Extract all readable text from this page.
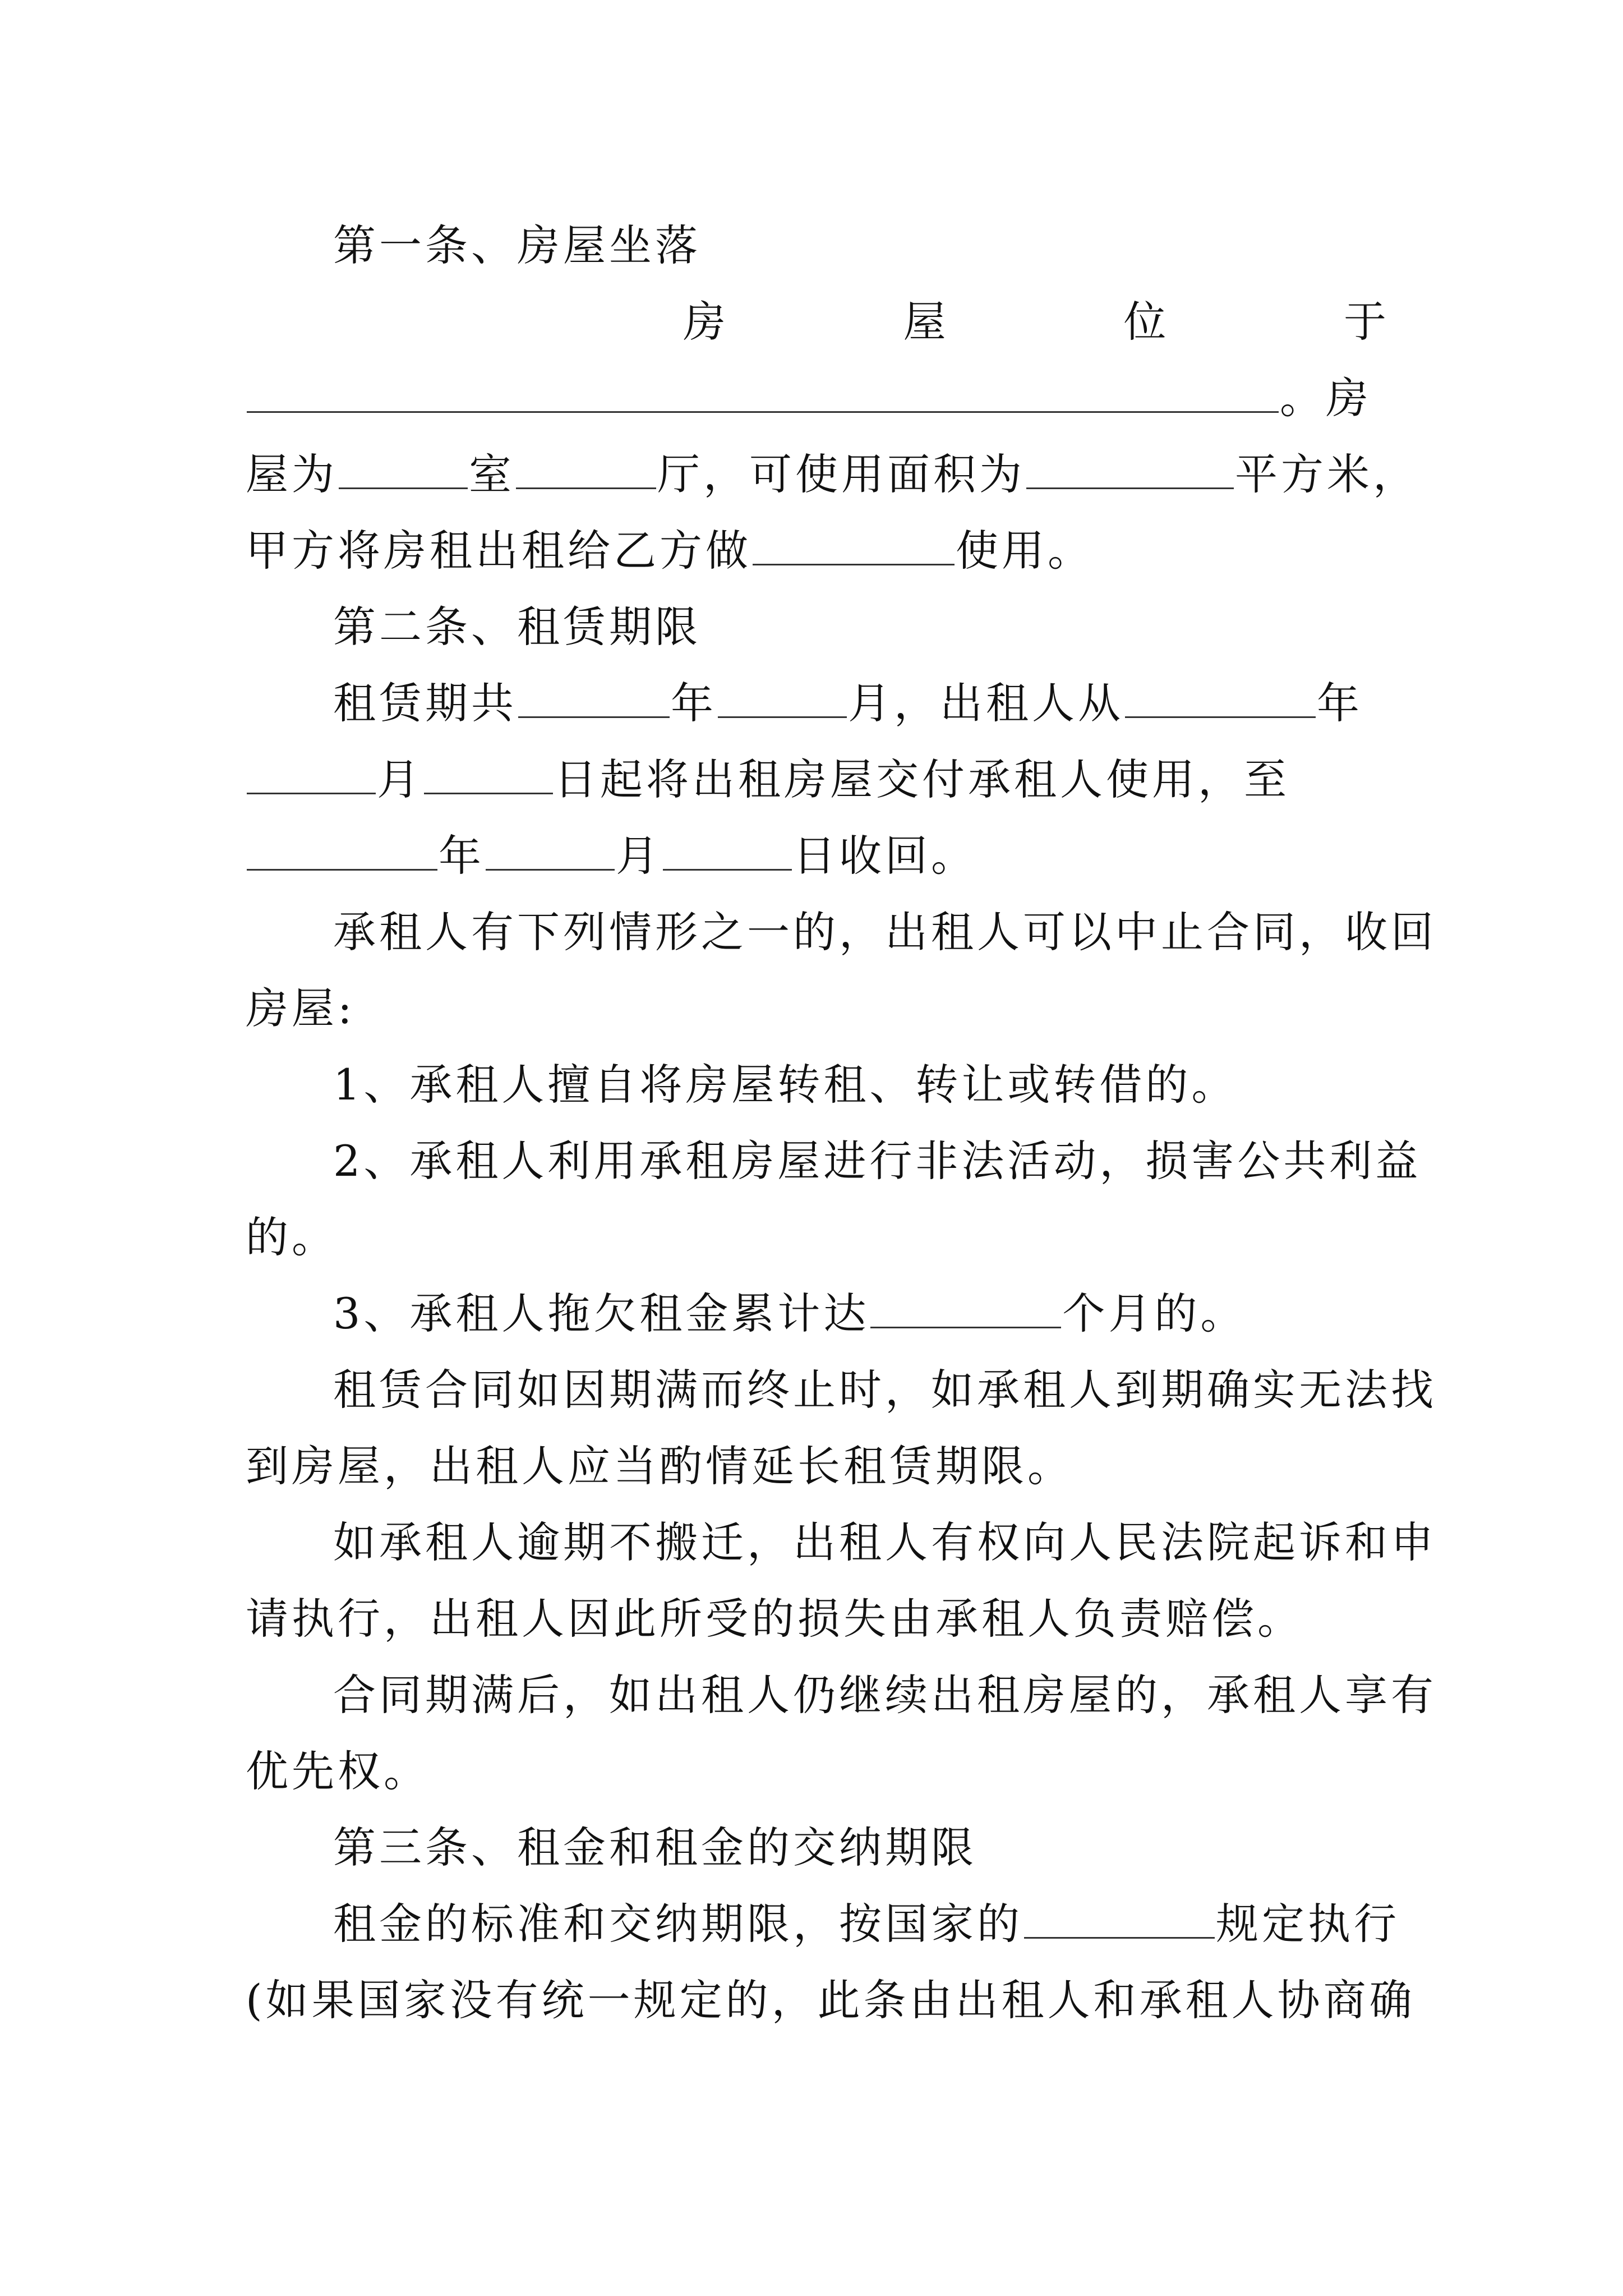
第一条、房屋坐落
房	屋	位	于
。房
屋为	室	厅，可使用面积为	平方米，
甲方将房租出租给乙方做	使用。
第二条、租赁期限
租赁期共	年	月，出租人从	年
月	日起将出租房屋交付承租人使用，至
年	月	日收回。
承租人有下列情形之一的，出租人可以中止合同，收回
房屋:
1、承租人擅自将房屋转租、转让或转借的。
2、承租人利用承租房屋进行非法活动，损害公共利益
的。
3、承租人拖欠租金累计达	个月的。
租赁合同如因期满而终止时，如承租人到期确实无法找
到房屋，出租人应当酌情延长租赁期限。
如承租人逾期不搬迁，出租人有权向人民法院起诉和申
请执行，出租人因此所受的损失由承租人负责赔偿。
合同期满后，如出租人仍继续出租房屋的，承租人享有
优先权。
第三条、租金和租金的交纳期限
租金的标准和交纳期限，按国家的	规定执行
(如果国家没有统一规定的，此条由出租人和承租人协商确
